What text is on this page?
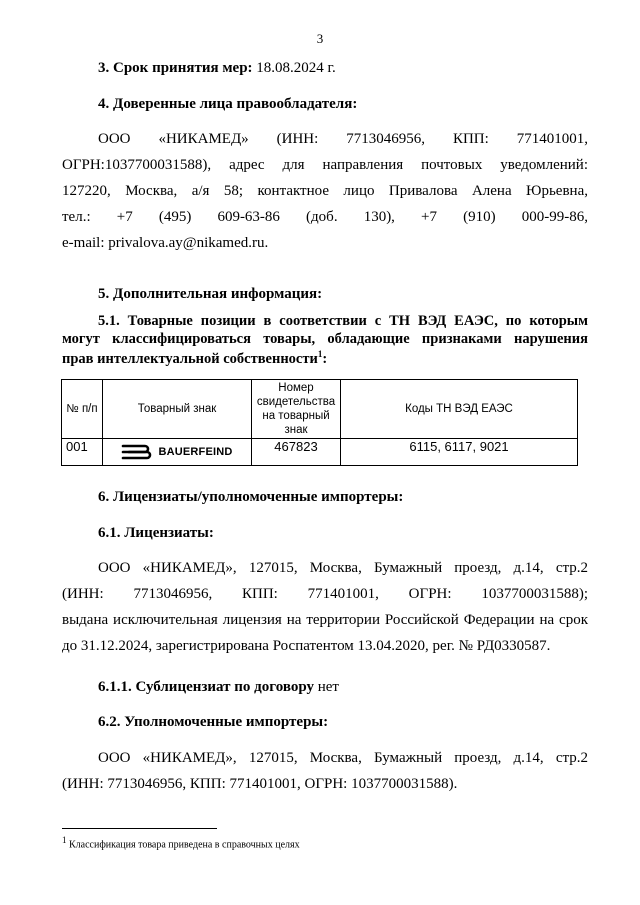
3
3. Срок принятия мер: 18.08.2024 г.
4. Доверенные лица правообладателя:
ООО «НИКАМЕД» (ИНН: 7713046956, КПП: 771401001,
ОГРН:1037700031588), адрес для направления почтовых уведомлений:
127220, Москва, а/я 58; контактное лицо Привалова Алена Юрьевна,
тел.: +7 (495) 609-63-86 (доб. 130), +7 (910) 000-99-86,
e-mail: privalova.ay@nikamed.ru.
5. Дополнительная информация:
5.1. Товарные позиции в соответствии с ТН ВЭД ЕАЭС, по которым
могут классифицироваться товары, обладающие признаками нарушения
прав интеллектуальной собственности$^1$:
№ п/п	Товарный знак	Номер свидетельства на товарный знак	Коды ТН ВЭД ЕАЭС
001	BAUERFEIND	467823	6115, 6117, 9021
6. Лицензиаты/уполномоченные импортеры:
6.1. Лицензиаты:
ООО «НИКАМЕД», 127015, Москва, Бумажный проезд, д.14, стр.2
(ИНН: 7713046956, КПП: 771401001, ОГРН: 1037700031588);
выдана исключительная лицензия на территории Российской Федерации на срок
до 31.12.2024, зарегистрирована Роспатентом 13.04.2020, рег. № РД0330587.
6.1.1. Сублицензиат по договору нет
6.2. Уполномоченные импортеры:
ООО «НИКАМЕД», 127015, Москва, Бумажный проезд, д.14, стр.2
(ИНН: 7713046956, КПП: 771401001, ОГРН: 1037700031588).
$^1$ Классификация товара приведена в справочных целях
